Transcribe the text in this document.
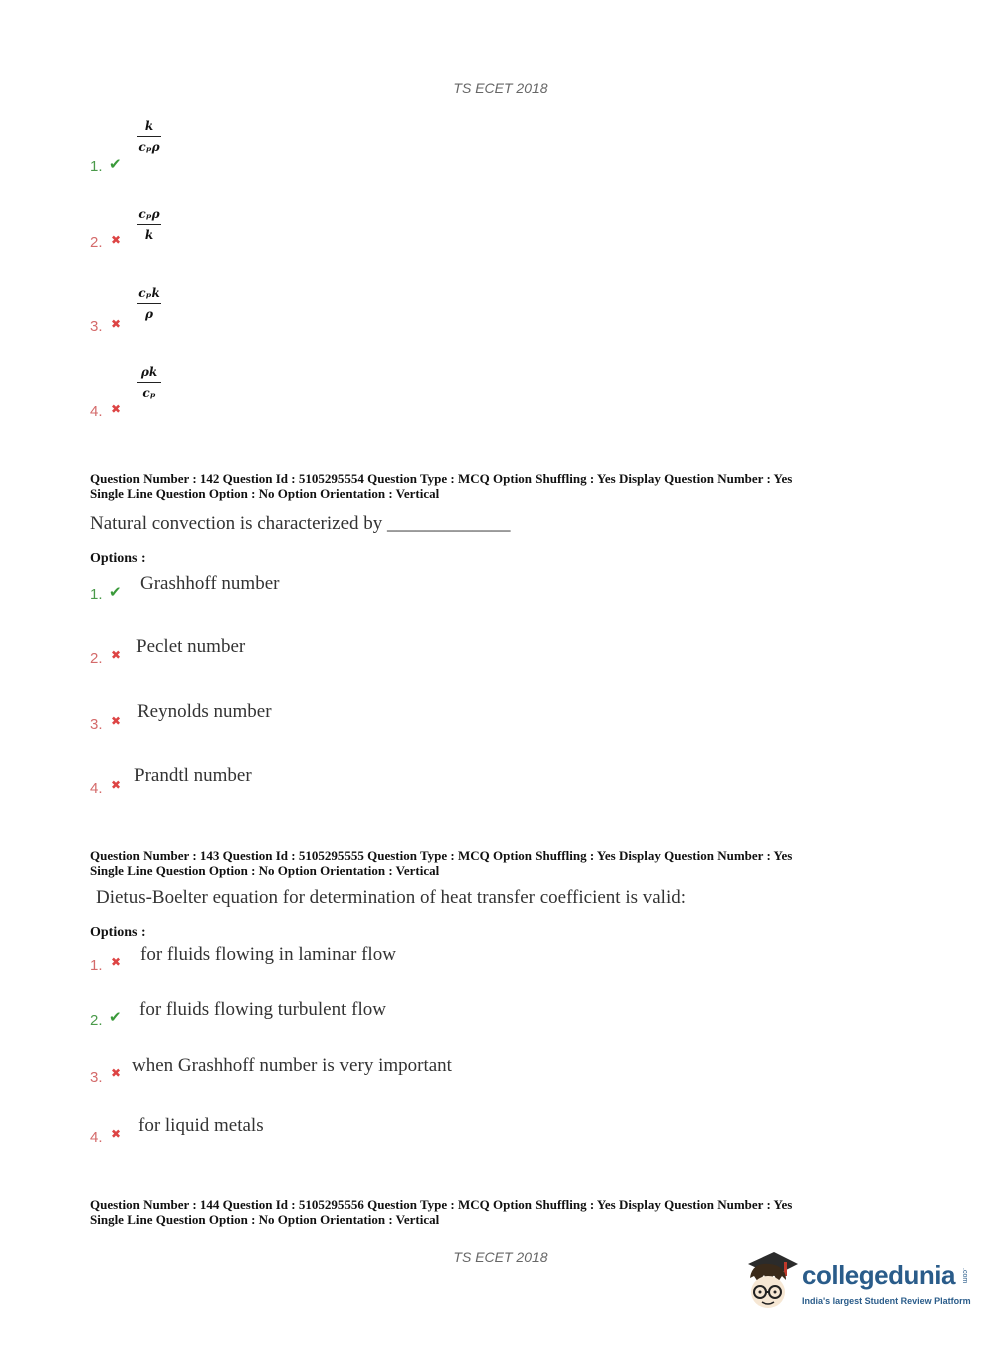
TS ECET 2018
1. ✔
k
cₚρ
2. ✖
cₚρ
k
3. ✖
cₚk
ρ
4. ✖
ρk
cₚ
Question Number : 142 Question Id : 5105295554 Question Type : MCQ Option Shuffling : Yes Display Question Number : Yes
Single Line Question Option : No Option Orientation : Vertical
Natural convection is characterized by _____________
Options :
1. ✔ Grashhoff number
2. ✖ Peclet number
3. ✖ Reynolds number
4. ✖ Prandtl number
Question Number : 143 Question Id : 5105295555 Question Type : MCQ Option Shuffling : Yes Display Question Number : Yes
Single Line Question Option : No Option Orientation : Vertical
Dietus-Boelter equation for determination of heat transfer coefficient is valid:
Options :
1. ✖ for fluids flowing in laminar flow
2. ✔ for fluids flowing turbulent flow
3. ✖ when Grashhoff number is very important
4. ✖ for liquid metals
Question Number : 144 Question Id : 5105295556 Question Type : MCQ Option Shuffling : Yes Display Question Number : Yes
Single Line Question Option : No Option Orientation : Vertical
TS ECET 2018
collegedunia .com
India's largest Student Review Platform
